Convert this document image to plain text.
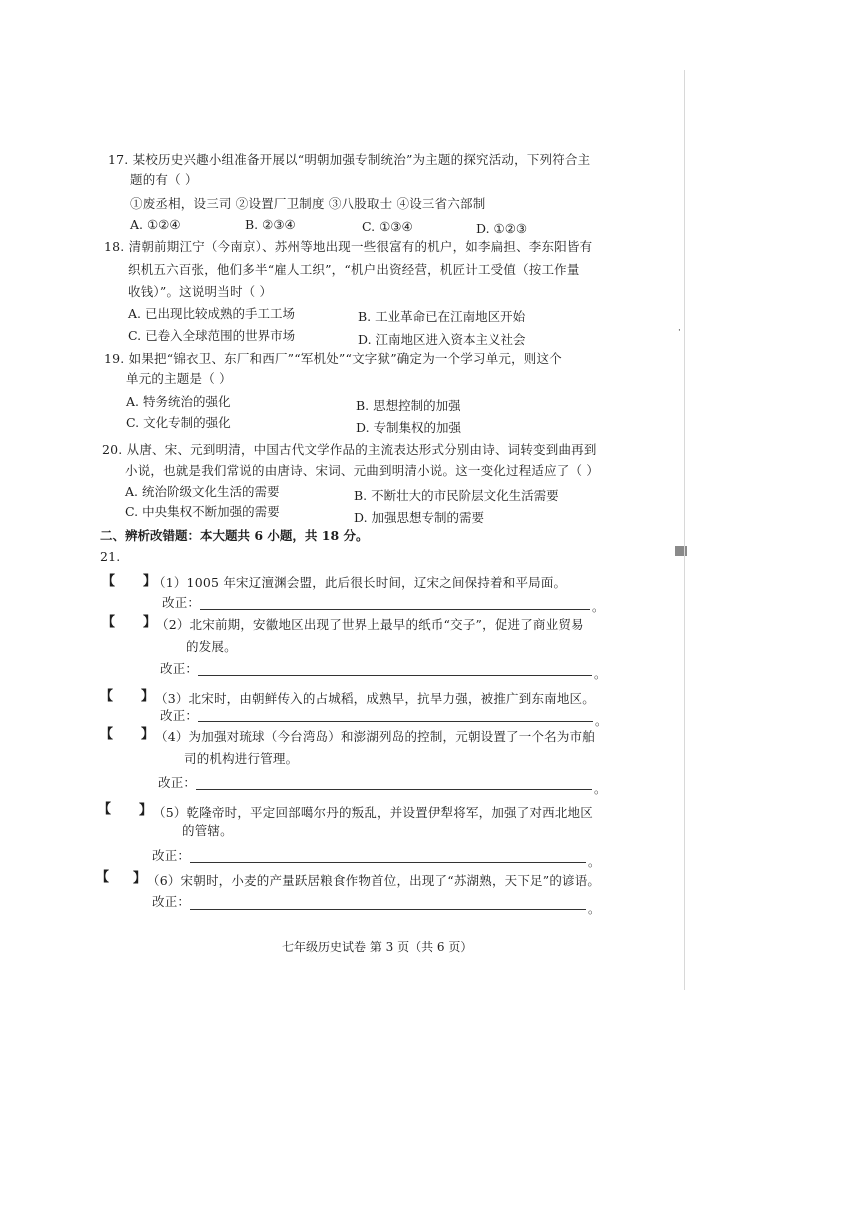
17. 某校历史兴趣小组准备开展以“明朝加强专制统治”为主题的探究活动，下列符合主
题的有（ ）
①废丞相，设三司 ②设置厂卫制度 ③八股取士 ④设三省六部制
A. ①②④	B. ②③④	C. ①③④	D. ①②③
18. 清朝前期江宁（今南京）、苏州等地出现一些很富有的机户，如李扁担、李东阳皆有
织机五六百张，他们多半“雇人工织”，“机户出资经营，机匠计工受值（按工作量
收钱）”。这说明当时（ ）
A. 已出现比较成熟的手工工场	B. 工业革命已在江南地区开始
C. 已卷入全球范围的世界市场	D. 江南地区进入资本主义社会
19. 如果把“锦衣卫、东厂和西厂”“军机处”“文字狱”确定为一个学习单元，则这个
单元的主题是（ ）
A. 特务统治的强化	B. 思想控制的加强
C. 文化专制的强化	D. 专制集权的加强
20. 从唐、宋、元到明清，中国古代文学作品的主流表达形式分别由诗、词转变到曲再到
小说，也就是我们常说的由唐诗、宋词、元曲到明清小说。这一变化过程适应了（ ）
A. 统治阶级文化生活的需要	B. 不断壮大的市民阶层文化生活需要
C. 中央集权不断加强的需要	D. 加强思想专制的需要
二、辨析改错题：本大题共 6 小题，共 18 分。
21.
【 】
（1）1005 年宋辽澶渊会盟，此后很长时间，辽宋之间保持着和平局面。
改正：	。
【 】 （2）北宋前期，安徽地区出现了世界上最早的纸币“交子”，促进了商业贸易
的发展。
改正：	。
【 】 （3）北宋时，由朝鲜传入的占城稻，成熟早，抗旱力强，被推广到东南地区。
改正：	。
【 】 （4）为加强对琉球（今台湾岛）和澎湖列岛的控制，元朝设置了一个名为市舶
司的机构进行管理。
改正：	。
【 】 （5）乾隆帝时，平定回部噶尔丹的叛乱，并设置伊犁将军，加强了对西北地区
的管辖。
改正：	。
【 】 （6）宋朝时，小麦的产量跃居粮食作物首位，出现了“苏湖熟，天下足”的谚语。
改正：	。
七年级历史试卷 第 3 页（共 6 页）
·
